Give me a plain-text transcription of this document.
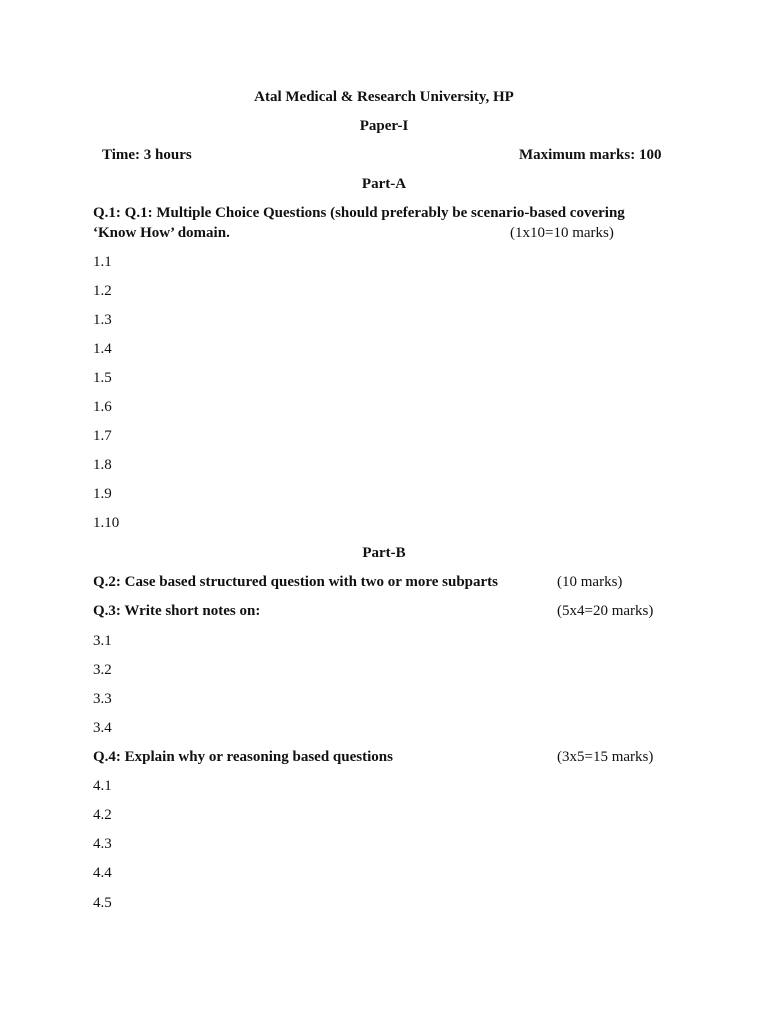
Atal Medical & Research University, HP
Paper-I
Time: 3 hours	Maximum marks: 100
Part-A
Q.1: Q.1: Multiple Choice Questions (should preferably be scenario-based covering
‘Know How’ domain.	(1x10=10 marks)
1.1
1.2
1.3
1.4
1.5
1.6
1.7
1.8
1.9
1.10
Part-B
Q.2: Case based structured question with two or more subparts	(10 marks)
Q.3: Write short notes on:	(5x4=20 marks)
3.1
3.2
3.3
3.4
Q.4: Explain why or reasoning based questions	(3x5=15 marks)
4.1
4.2
4.3
4.4
4.5
